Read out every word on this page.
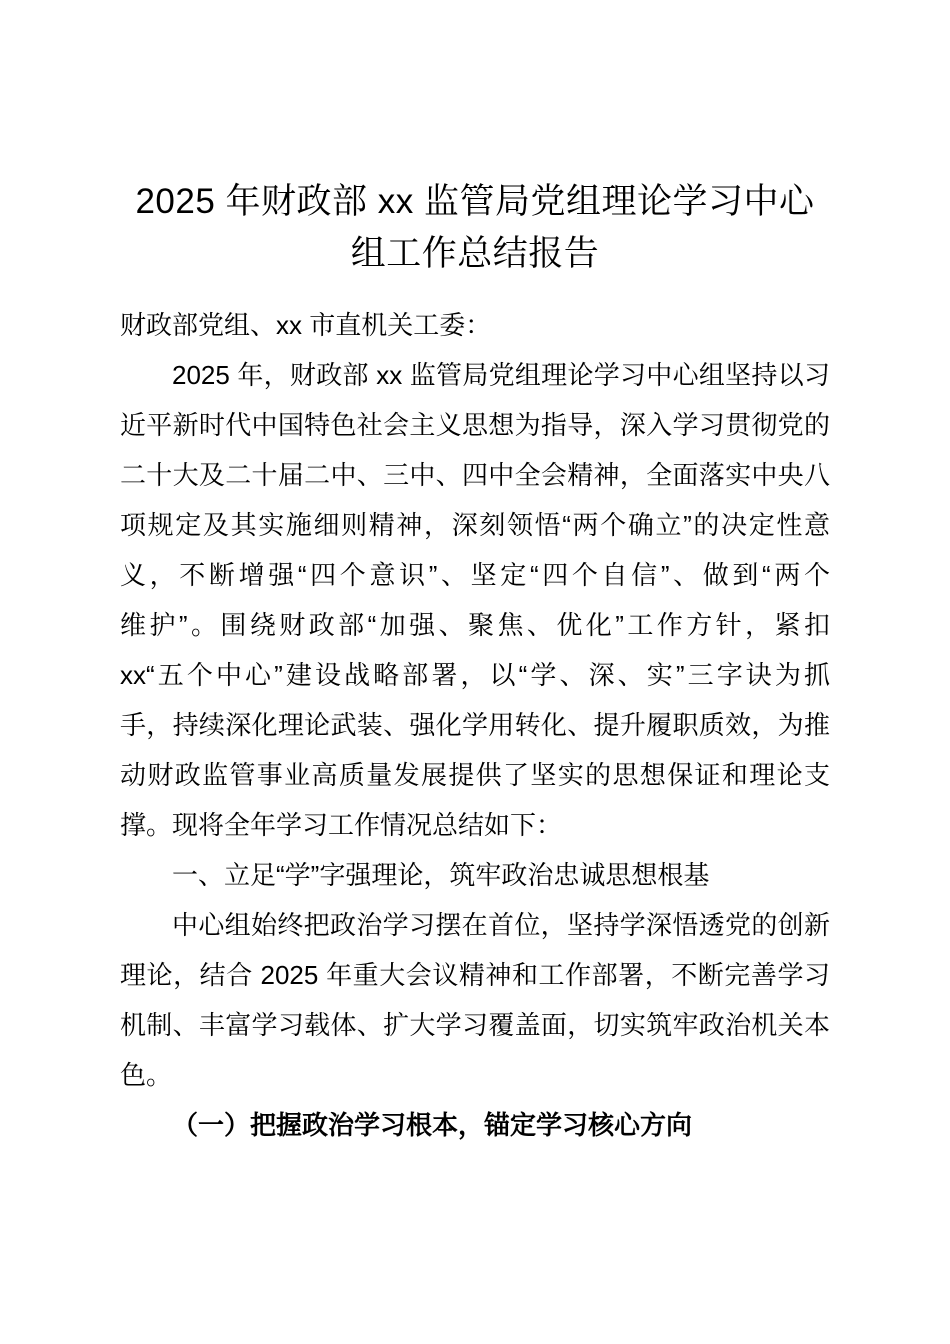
2025 年财政部 xx 监管局党组理论学习中心
组工作总结报告
财政部党组、xx 市直机关工委：
2025 年，财政部 xx 监管局党组理论学习中心组坚持以习
近平新时代中国特色社会主义思想为指导，深入学习贯彻党的
二十大及二十届二中、三中、四中全会精神，全面落实中央八
项规定及其实施细则精神，深刻领悟“两个确立”的决定性意
义，不断增强“四个意识”、坚定“四个自信”、做到“两个
维护”。围绕财政部“加强、聚焦、优化”工作方针，紧扣
xx“五个中心”建设战略部署，以“学、深、实”三字诀为抓
手，持续深化理论武装、强化学用转化、提升履职质效，为推
动财政监管事业高质量发展提供了坚实的思想保证和理论支
撑。现将全年学习工作情况总结如下：
一、立足“学”字强理论，筑牢政治忠诚思想根基
中心组始终把政治学习摆在首位，坚持学深悟透党的创新
理论，结合 2025 年重大会议精神和工作部署，不断完善学习
机制、丰富学习载体、扩大学习覆盖面，切实筑牢政治机关本
色。
（一）把握政治学习根本，锚定学习核心方向
